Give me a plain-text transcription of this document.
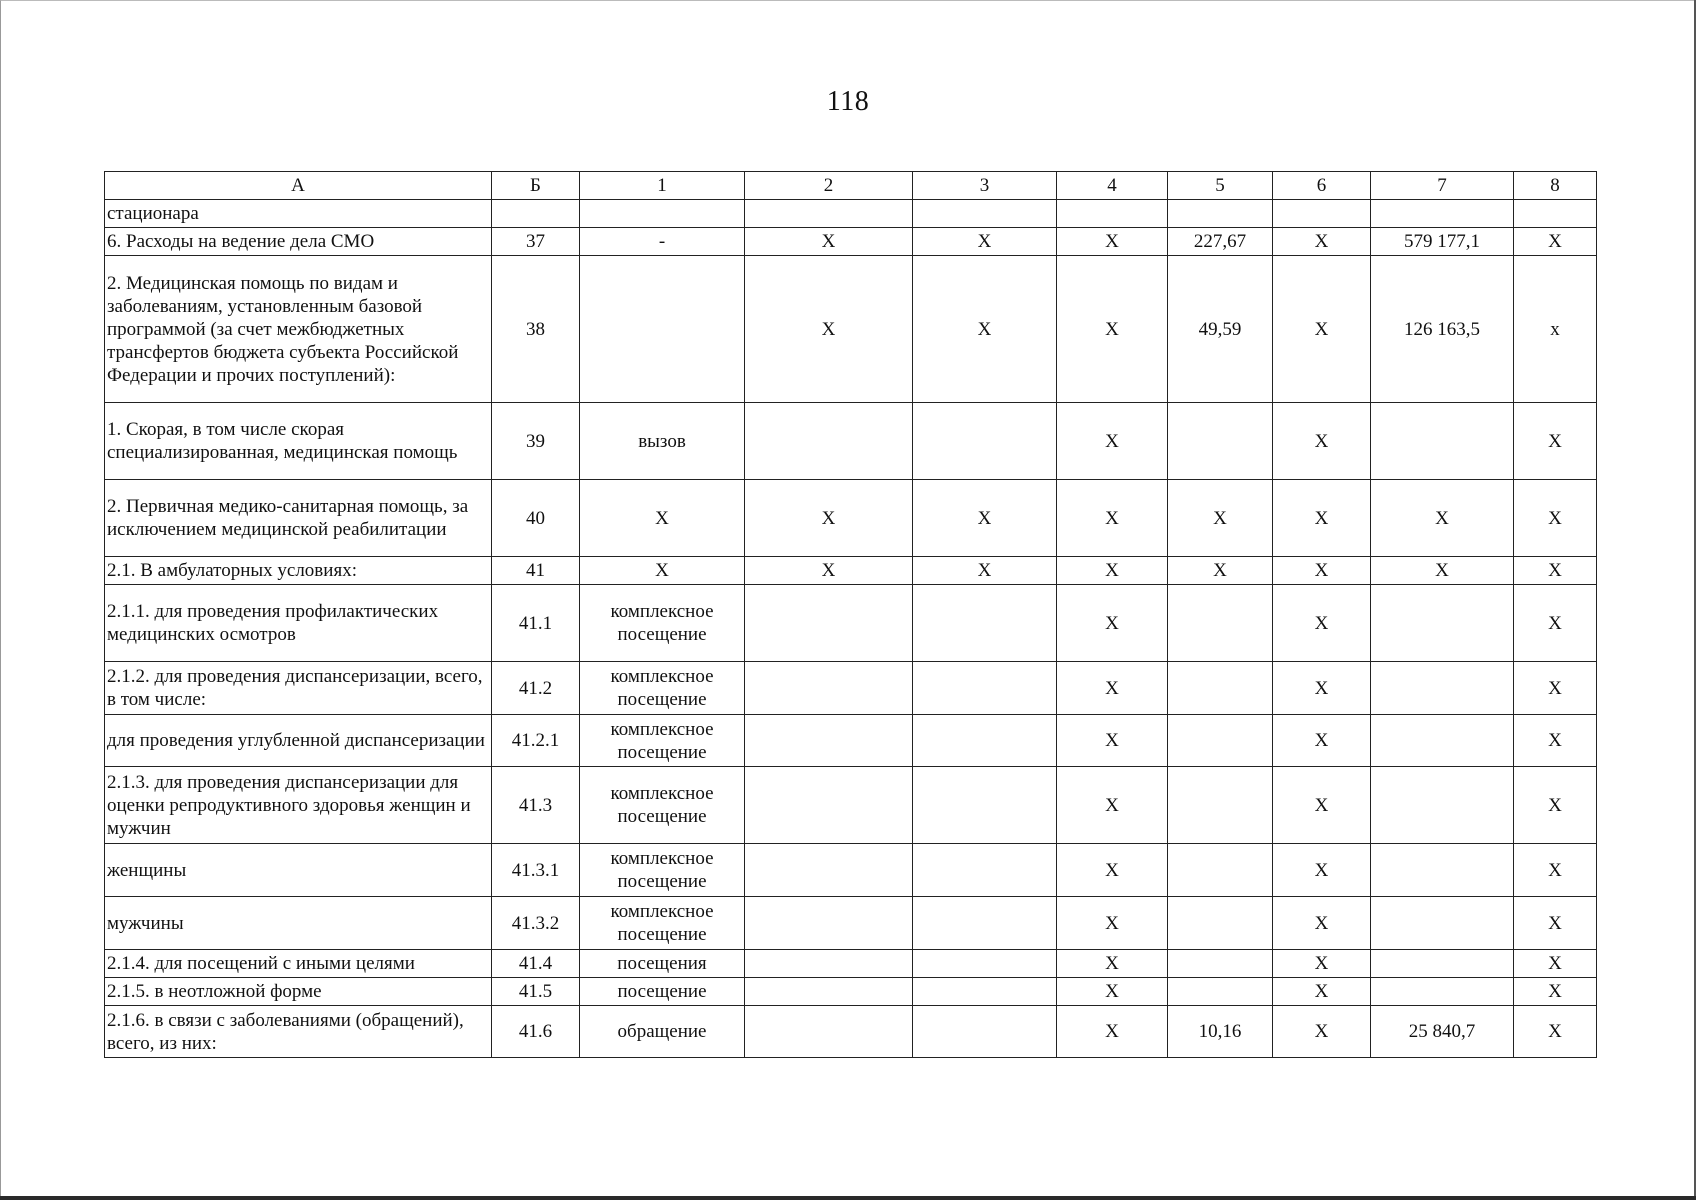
118
А	Б	1	2	3	4	5	6	7	8
стационара									
6. Расходы на ведение дела СМО	37	-	Х	Х	Х	227,67	Х	579 177,1	Х
2. Медицинская помощь по видам и заболеваниям, установленным базовой программой (за счет межбюджетных трансфертов бюджета субъекта Российской Федерации и прочих поступлений):	38		Х	Х	Х	49,59	Х	126 163,5	х
1. Скорая, в том числе скорая специализированная, медицинская помощь	39	вызов			Х		Х		Х
2. Первичная медико-санитарная помощь, за исключением медицинской реабилитации	40	Х	Х	Х	Х	Х	Х	Х	Х
2.1. В амбулаторных условиях:	41	Х	Х	Х	Х	Х	Х	Х	Х
2.1.1. для проведения профилактических медицинских осмотров	41.1	комплексное посещение			Х		Х		Х
2.1.2. для проведения диспансеризации, всего, в том числе:	41.2	комплексное посещение			Х		Х		Х
для проведения углубленной диспансеризации	41.2.1	комплексное посещение			Х		Х		Х
2.1.3. для проведения диспансеризации для оценки репродуктивного здоровья женщин и мужчин	41.3	комплексное посещение			Х		Х		Х
женщины	41.3.1	комплексное посещение			Х		Х		Х
мужчины	41.3.2	комплексное посещение			Х		Х		Х
2.1.4. для посещений с иными целями	41.4	посещения			Х		Х		Х
2.1.5. в неотложной форме	41.5	посещение			Х		Х		Х
2.1.6. в связи с заболеваниями (обращений), всего, из них:	41.6	обращение			Х	10,16	Х	25 840,7	Х
